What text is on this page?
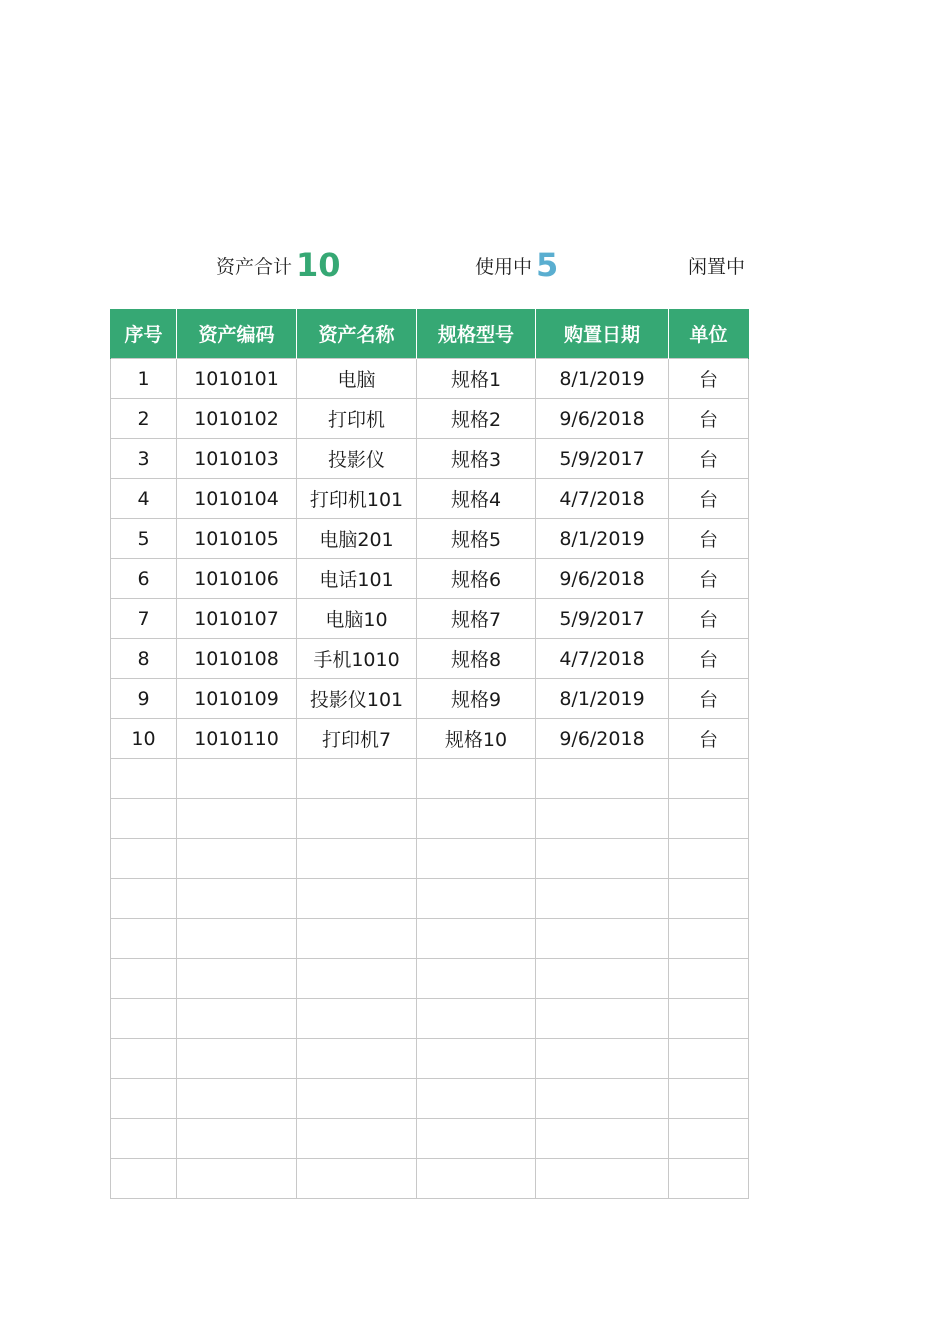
资产合计 10	使用中 5	闲置中
序号	资产编码	资产名称	规格型号	购置日期	单位
1	1010101	电脑	规格1	8/1/2019	台
2	1010102	打印机	规格2	9/6/2018	台
3	1010103	投影仪	规格3	5/9/2017	台
4	1010104	打印机101	规格4	4/7/2018	台
5	1010105	电脑201	规格5	8/1/2019	台
6	1010106	电话101	规格6	9/6/2018	台
7	1010107	电脑10	规格7	5/9/2017	台
8	1010108	手机1010	规格8	4/7/2018	台
9	1010109	投影仪101	规格9	8/1/2019	台
10	1010110	打印机7	规格10	9/6/2018	台
